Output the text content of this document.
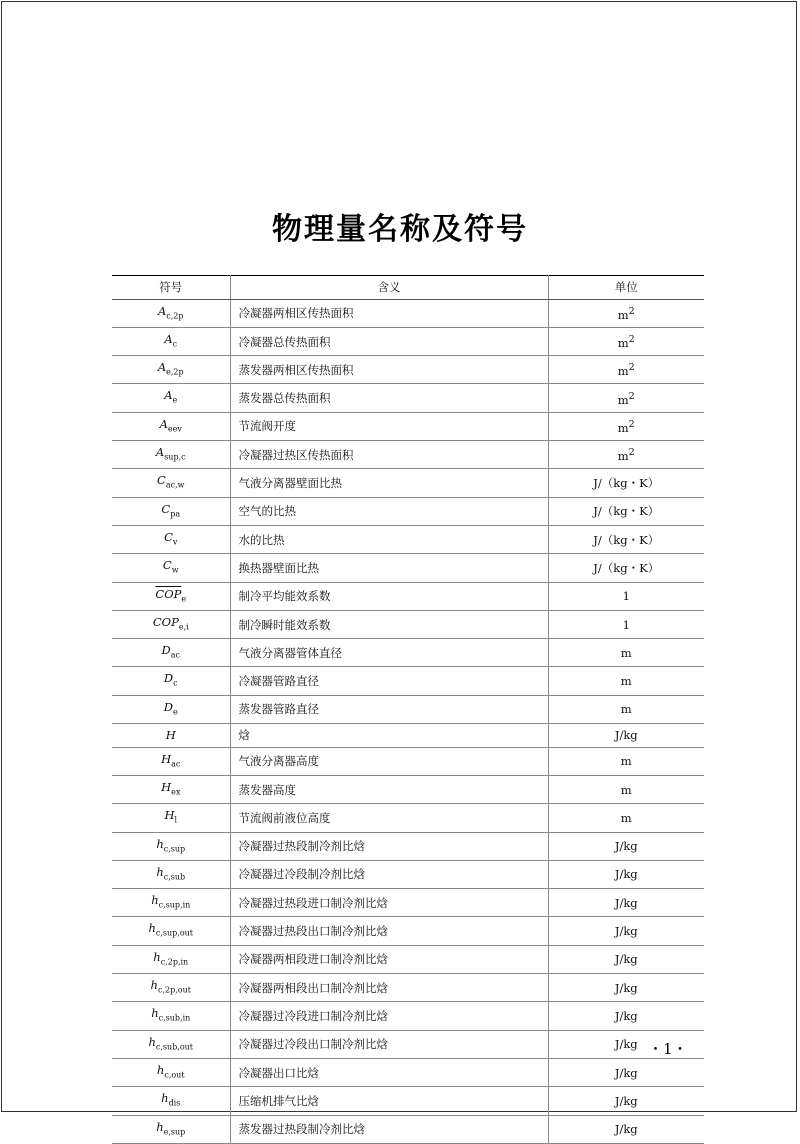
物理量名称及符号
符号	含义	单位
$A_{c,2p}$	冷凝器两相区传热面积	$m^2$
$A_c$	冷凝器总传热面积	$m^2$
$A_{e,2p}$	蒸发器两相区传热面积	$m^2$
$A_e$	蒸发器总传热面积	$m^2$
$A_{eev}$	节流阀开度	$m^2$
$A_{sup,c}$	冷凝器过热区传热面积	$m^2$
$C_{ac,w}$	气液分离器壁面比热	J/（kg・K）
$C_{pa}$	空气的比热	J/（kg・K）
$C_v$	水的比热	J/（kg・K）
$C_w$	换热器壁面比热	J/（kg・K）
$\overline{COP}_e$	制冷平均能效系数	1
$COP_{e,i}$	制冷瞬时能效系数	1
$D_{ac}$	气液分离器管体直径	m
$D_c$	冷凝器管路直径	m
$D_e$	蒸发器管路直径	m
H	焓	J/kg
$H_{ac}$	气液分离器高度	m
$H_{ex}$	蒸发器高度	m
$H_l$	节流阀前液位高度	m
$h_{c,sup}$	冷凝器过热段制冷剂比焓	J/kg
$h_{c,sub}$	冷凝器过冷段制冷剂比焓	J/kg
$h_{c,sup,in}$	冷凝器过热段进口制冷剂比焓	J/kg
$h_{c,sup,out}$	冷凝器过热段出口制冷剂比焓	J/kg
$h_{c,2p,in}$	冷凝器两相段进口制冷剂比焓	J/kg
$h_{c,2p,out}$	冷凝器两相段出口制冷剂比焓	J/kg
$h_{c,sub,in}$	冷凝器过冷段进口制冷剂比焓	J/kg
$h_{c,sub,out}$	冷凝器过冷段出口制冷剂比焓	J/kg
$h_{c,out}$	冷凝器出口比焓	J/kg
$h_{dis}$	压缩机排气比焓	J/kg
$h_{e,sup}$	蒸发器过热段制冷剂比焓	J/kg
・1・
